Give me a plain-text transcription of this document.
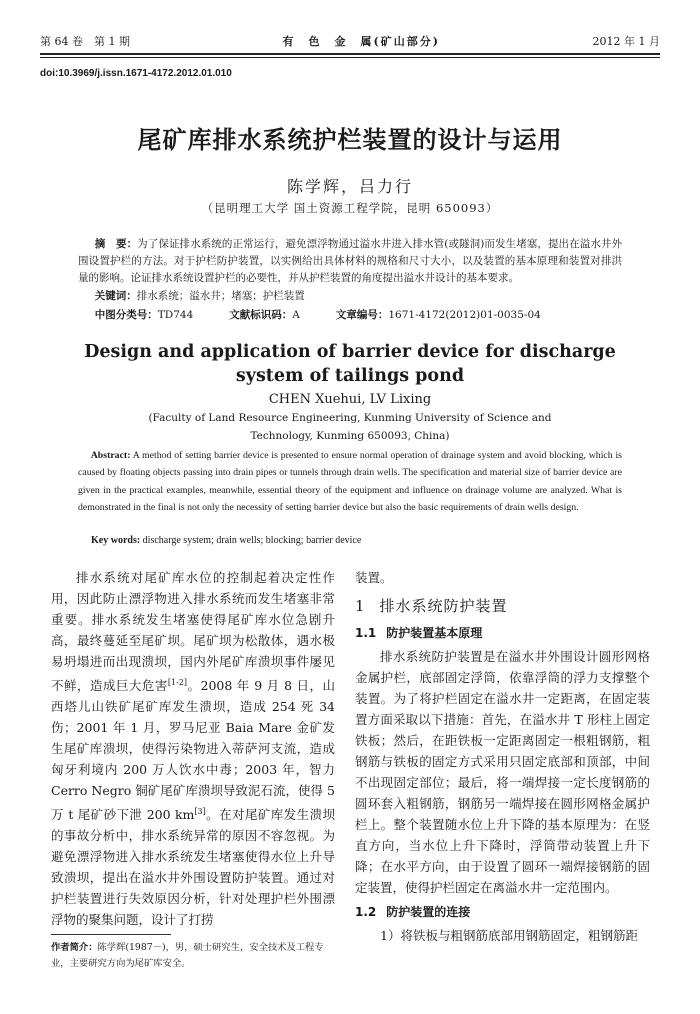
第 64 卷　第 1 期	有　色　金　属(矿山部分)	2012 年 1 月
doi:10.3969/j.issn.1671-4172.2012.01.010
尾矿库排水系统护栏装置的设计与运用
陈学辉，吕力行
（昆明理工大学 国土资源工程学院，昆明 650093）
摘　要：为了保证排水系统的正常运行，避免漂浮物通过溢水井进入排水管(或隧洞)而发生堵塞，提出在溢水井外围设置护栏的方法。对于护栏防护装置，以实例给出具体材料的规格和尺寸大小，以及装置的基本原理和装置对排洪量的影响。论证排水系统设置护栏的必要性，并从护栏装置的角度提出溢水井设计的基本要求。
关键词：排水系统；溢水井；堵塞；护栏装置
中图分类号：TD744	文献标识码：A	文章编号：1671-4172(2012)01-0035-04
Design and application of barrier device for discharge
system of tailings pond
CHEN Xuehui, LV Lixing
(Faculty of Land Resource Engineering, Kunming University of Science and
Technology, Kunming 650093, China)
Abstract: A method of setting barrier device is presented to ensure normal operation of drainage system and avoid blocking, which is caused by floating objects passing into drain pipes or tunnels through drain wells. The specification and material size of barrier device are given in the practical examples, meanwhile, essential theory of the equipment and influence on drainage volume are analyzed. What is demonstrated in the final is not only the necessity of setting barrier device but also the basic requirements of drain wells design.
Key words: discharge system; drain wells; blocking; barrier device

排水系统对尾矿库水位的控制起着决定性作用，因此防止漂浮物进入排水系统而发生堵塞非常重要。排水系统发生堵塞使得尾矿库水位急剧升高，最终蔓延至尾矿坝。尾矿坝为松散体，遇水极易坍塌进而出现溃坝，国内外尾矿库溃坝事件屡见不鲜，造成巨大危害[1-2]。2008 年 9 月 8 日，山西塔儿山铁矿尾矿库发生溃坝，造成 254 死 34 伤；2001 年 1 月，罗马尼亚 Baia Mare 金矿发生尾矿库溃坝，使得污染物进入蒂萨河支流，造成匈牙利境内 200 万人饮水中毒；2003 年，智力 Cerro Negro 铜矿尾矿库溃坝导致泥石流，使得 5 万 t 尾矿砂下泄 200 km[3]。在对尾矿库发生溃坝的事故分析中，排水系统异常的原因不容忽视。为避免漂浮物进入排水系统发生堵塞使得水位上升导致溃坝，提出在溢水井外围设置防护装置。通过对护栏装置进行失效原因分析，针对处理护栏外围漂浮物的聚集问题，设计了打捞

装置。

1 排水系统防护装置
1.1 防护装置基本原理

排水系统防护装置是在溢水井外围设计圆形网格金属护栏，底部固定浮筒，依靠浮筒的浮力支撑整个装置。为了将护栏固定在溢水井一定距离，在固定装置方面采取以下措施：首先，在溢水井 T 形柱上固定铁板；然后，在距铁板一定距离固定一根粗钢筋，粗钢筋与铁板的固定方式采用只固定底部和顶部，中间不出现固定部位；最后，将一端焊接一定长度钢筋的圆环套入粗钢筋，钢筋另一端焊接在圆形网格金属护栏上。整个装置随水位上升下降的基本原理为：在竖直方向，当水位上升下降时，浮筒带动装置上升下降；在水平方向，由于设置了圆环一端焊接钢筋的固定装置，使得护栏固定在离溢水井一定范围内。

1.2 防护装置的连接

1）将铁板与粗钢筋底部用钢筋固定，粗钢筋距

作者简介：陈学辉(1987－)，男，硕士研究生，安全技术及工程专业，主要研究方向为尾矿库安全。
